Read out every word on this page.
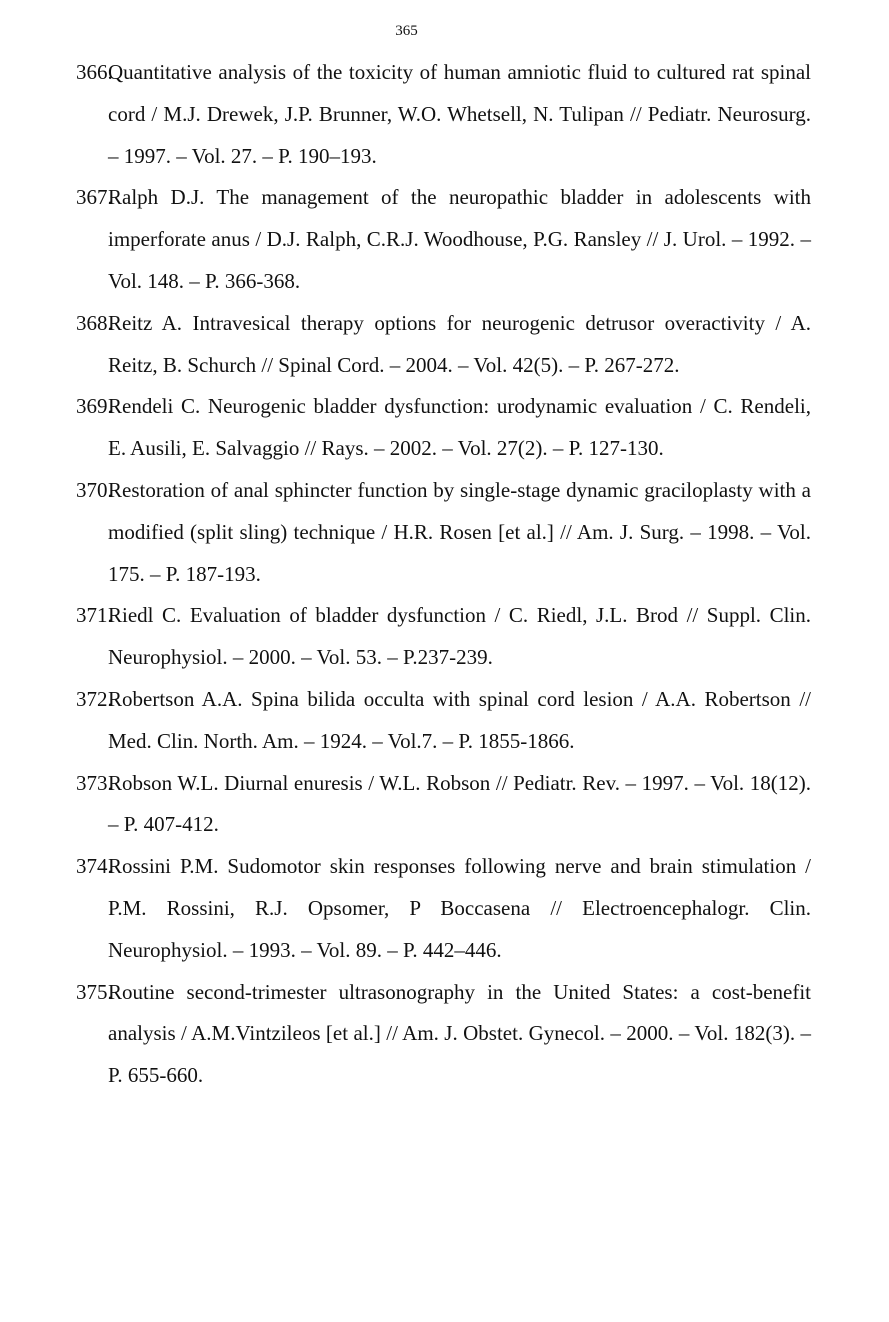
365
366.
Quantitative analysis of the toxicity of human amniotic fluid to cultured rat spinal cord / M.J. Drewek, J.P. Brunner, W.O. Whetsell, N. Tulipan // Pediatr. Neurosurg. – 1997. – Vol. 27. – P. 190–193.
367.
Ralph D.J. The management of the neuropathic bladder in adolescents with imperforate anus / D.J. Ralph, C.R.J. Woodhouse, P.G. Ransley // J. Urol. – 1992. – Vol. 148. – P. 366-368.
368.
Reitz A. Intravesical therapy options for neurogenic detrusor overactivity / A. Reitz, B. Schurch // Spinal Cord. – 2004. – Vol. 42(5). – P. 267-272.
369.
Rendeli C. Neurogenic bladder dysfunction: urodynamic evaluation / C. Rendeli, E. Ausili, E. Salvaggio // Rays. – 2002. – Vol. 27(2). – P. 127-130.
370.
Restoration of anal sphincter function by single-stage dynamic graciloplasty with a modified (split sling) technique / H.R. Rosen [et al.] // Am. J. Surg. – 1998. – Vol. 175. – P. 187-193.
371.
Riedl C. Evaluation of bladder dysfunction / C. Riedl, J.L. Brod // Suppl. Clin. Neurophysiol. – 2000. – Vol. 53. – P.237-239.
372.
Robertson A.A. Spina bilida occulta with spinal cord lesion / A.A. Robertson // Med. Clin. North. Am. – 1924. – Vol.7. – P. 1855-1866.
373.
Robson W.L. Diurnal enuresis / W.L. Robson // Pediatr. Rev. – 1997. – Vol. 18(12). – P. 407-412.
374.
Rossini P.M. Sudomotor skin responses following nerve and brain stimulation / P.M. Rossini, R.J. Opsomer, P Boccasena // Electroencephalogr. Clin. Neurophysiol. – 1993. – Vol. 89. – P. 442–446.
375.
Routine second-trimester ultrasonography in the United States: a cost-benefit analysis / A.M.Vintzileos [et al.] // Am. J. Obstet. Gynecol. – 2000. – Vol. 182(3). – P. 655-660.
